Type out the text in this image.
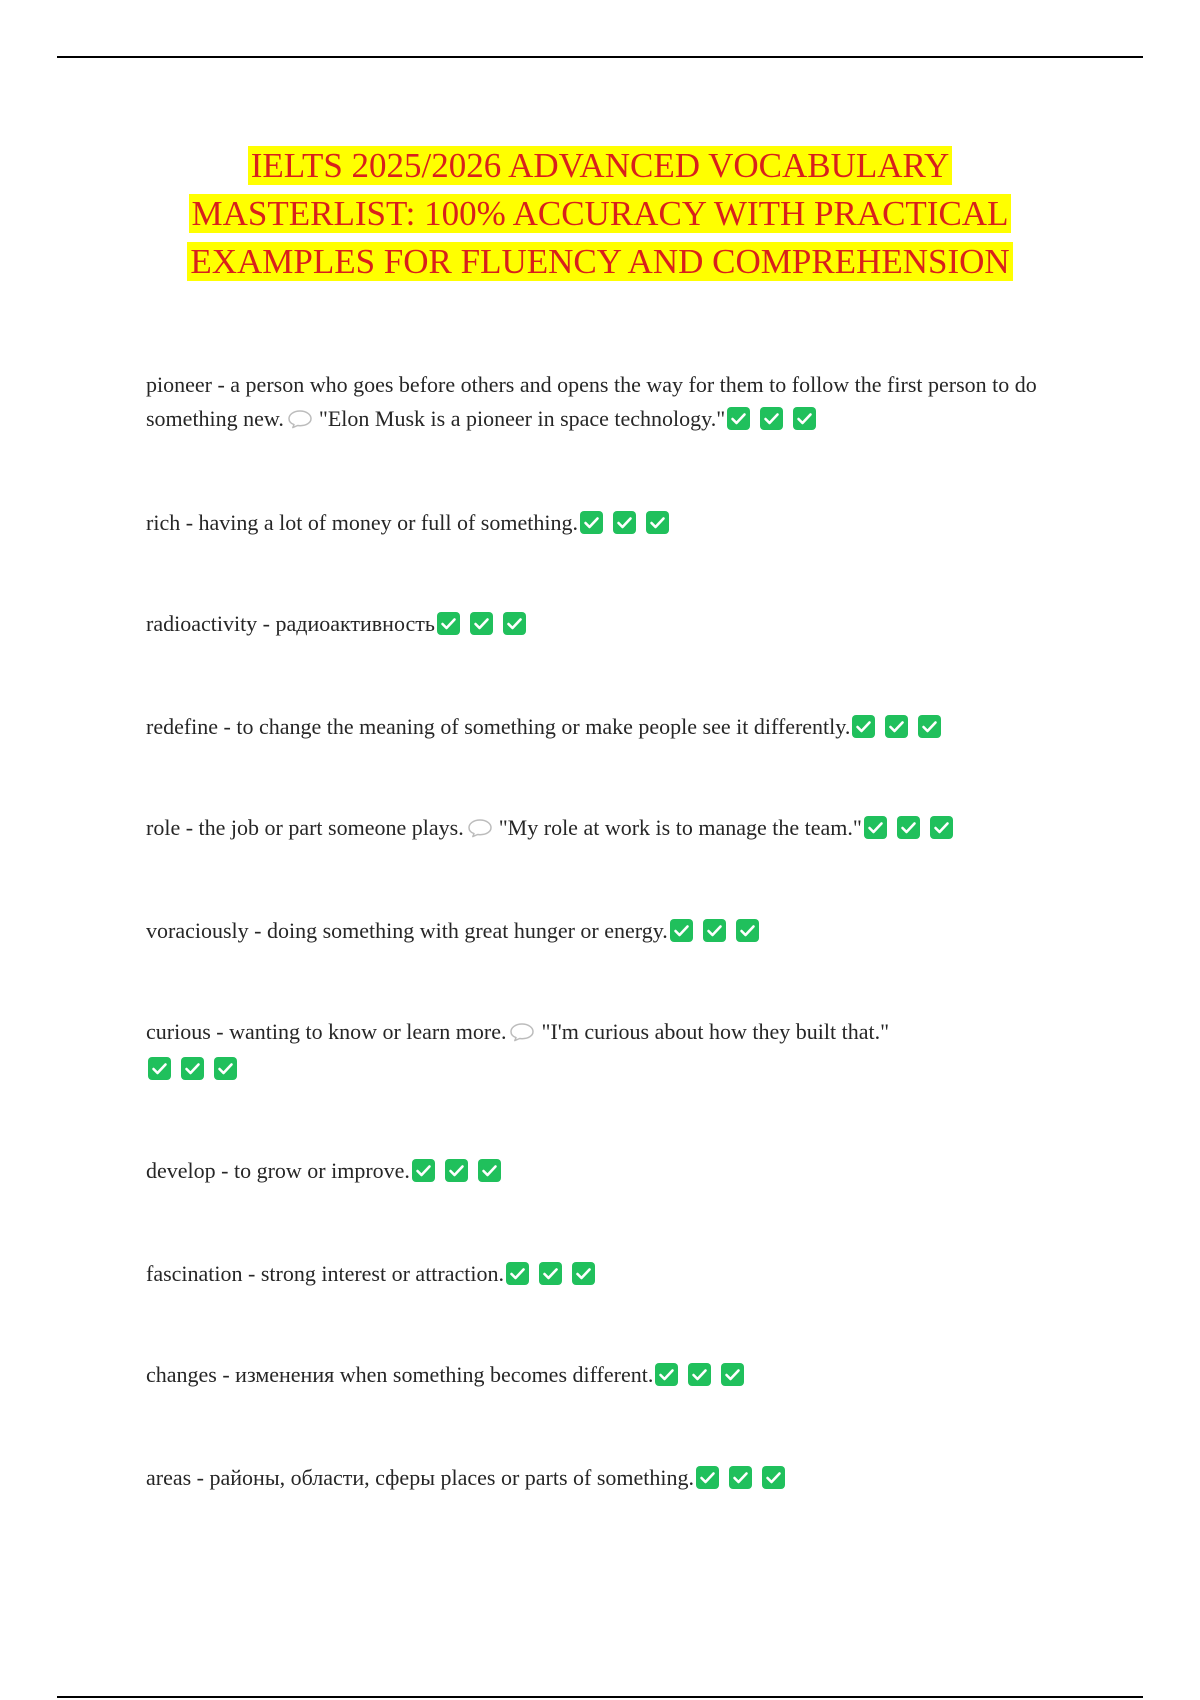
IELTS 2025/2026 ADVANCED VOCABULARY MASTERLIST: 100% ACCURACY WITH PRACTICAL EXAMPLES FOR FLUENCY AND COMPREHENSION
pioneer - a person who goes before others and opens the way for them to follow the first person to do something new. "Elon Musk is a pioneer in space technology."
rich - having a lot of money or full of something.
radioactivity - радиоактивность
redefine - to change the meaning of something or make people see it differently.
role - the job or part someone plays. "My role at work is to manage the team."
voraciously - doing something with great hunger or energy.
curious - wanting to know or learn more. "I'm curious about how they built that."
develop - to grow or improve.
fascination - strong interest or attraction.
changes - изменения when something becomes different.
areas - районы, области, сферы places or parts of something.
